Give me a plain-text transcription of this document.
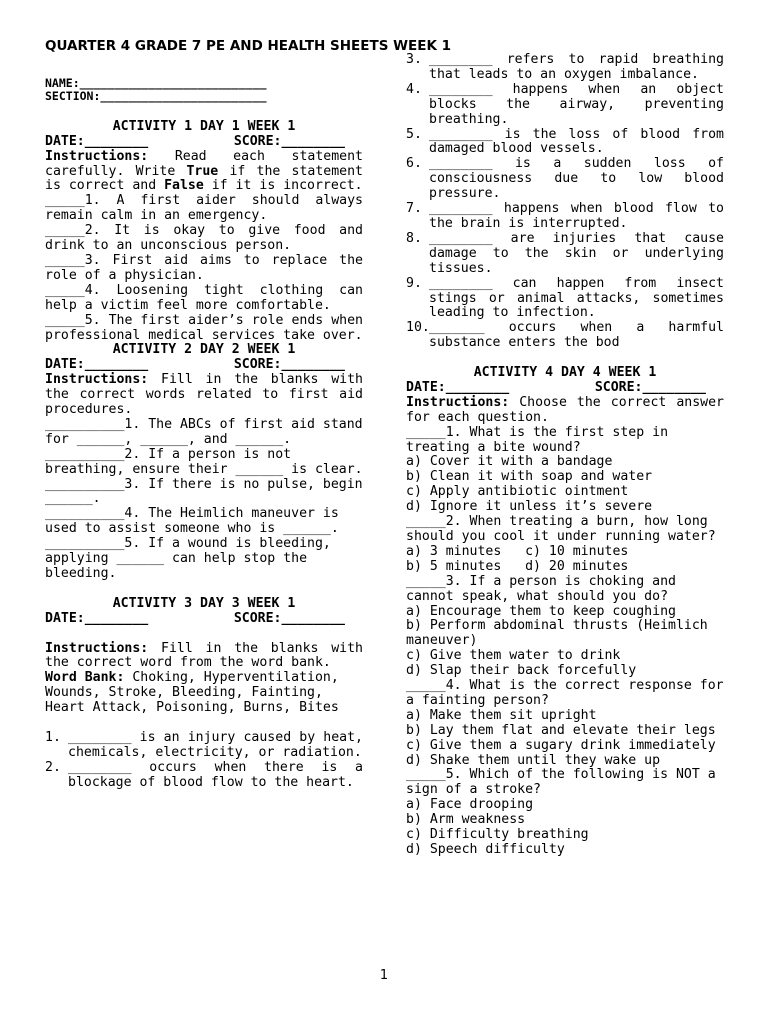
QUARTER 4 GRADE 7 PE AND HEALTH SHEETS WEEK 1

NAME:___________________________

SECTION:________________________

ACTIVITY 1 DAY 1 WEEK 1

DATE:________	SCORE:________

Instructions: Read each statement carefully. Write True if the statement is correct and False if it is incorrect.

_____1. A first aider should always remain calm in an emergency.

_____2. It is okay to give food and drink to an unconscious person.

_____3. First aid aims to replace the role of a physician.

_____4. Loosening tight clothing can help a victim feel more comfortable.

_____5. The first aider’s role ends when professional medical services take over.

ACTIVITY 2 DAY 2 WEEK 1

DATE:________	SCORE:________

Instructions: Fill in the blanks with the correct words related to first aid procedures.

__________1. The ABCs of first aid stand for ______, ______, and ______.

__________2. If a person is not breathing, ensure their ______ is clear.

__________3. If there is no pulse, begin ______.

__________4. The Heimlich maneuver is used to assist someone who is ______.

__________5. If a wound is bleeding, applying ______ can help stop the bleeding.

ACTIVITY 3 DAY 3 WEEK 1

DATE:________	SCORE:________

Instructions: Fill in the blanks with the correct word from the word bank.

Word Bank: Choking, Hyperventilation, Wounds, Stroke, Bleeding, Fainting, Heart Attack, Poisoning, Burns, Bites

1. ________ is an injury caused by heat, chemicals, electricity, or radiation.
2. ________ occurs when there is a blockage of blood flow to the heart.
3. ________ refers to rapid breathing that leads to an oxygen imbalance.
4. ________ happens when an object blocks the airway, preventing breathing.
5. ________ is the loss of blood from damaged blood vessels.
6. ________ is a sudden loss of consciousness due to low blood pressure.
7. ________ happens when blood flow to the brain is interrupted.
8. ________ are injuries that cause damage to the skin or underlying tissues.
9. ________ can happen from insect stings or animal attacks, sometimes leading to infection.
10. _______ occurs when a harmful substance enters the bod

ACTIVITY 4 DAY 4 WEEK 1

DATE:________	SCORE:________

Instructions: Choose the correct answer for each question.

_____1. What is the first step in treating a bite wound?

a) Cover it with a bandage

b) Clean it with soap and water

c) Apply antibiotic ointment

d) Ignore it unless it’s severe

_____2. When treating a burn, how long should you cool it under running water?

a) 3 minutes c) 10 minutes
b) 5 minutes d) 20 minutes

_____3. If a person is choking and cannot speak, what should you do?

a) Encourage them to keep coughing

b) Perform abdominal thrusts (Heimlich maneuver)

c) Give them water to drink

d) Slap their back forcefully

_____4. What is the correct response for a fainting person?

a) Make them sit upright

b) Lay them flat and elevate their legs

c) Give them a sugary drink immediately

d) Shake them until they wake up

_____5. Which of the following is NOT a sign of a stroke?

a) Face drooping

b) Arm weakness

c) Difficulty breathing

d) Speech difficulty

1
